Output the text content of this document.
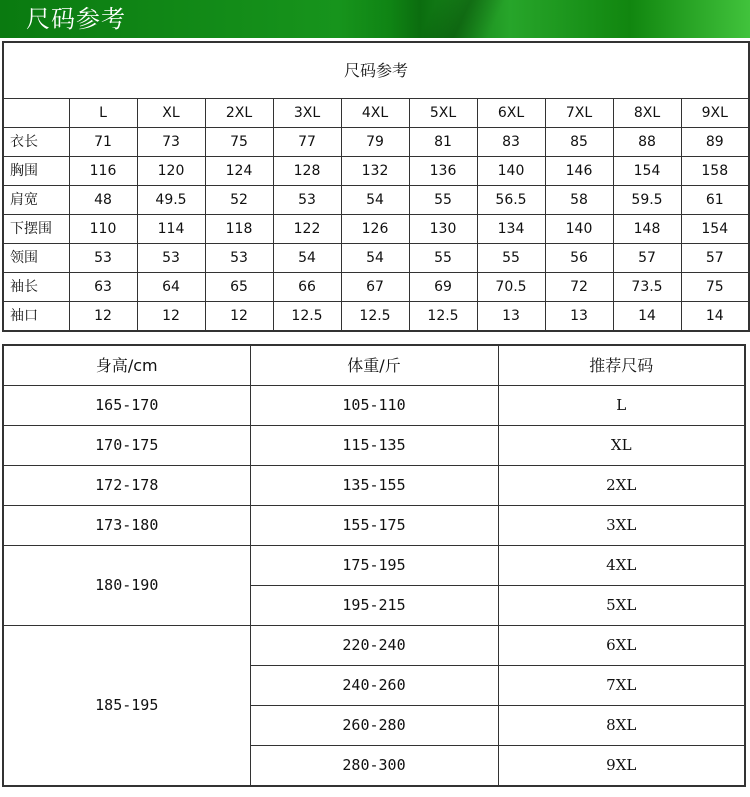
尺码参考
尺码参考										
	L	XL	2XL	3XL	4XL	5XL	6XL	7XL	8XL	9XL
衣长	71	73	75	77	79	81	83	85	88	89
胸围	116	120	124	128	132	136	140	146	154	158
肩宽	48	49.5	52	53	54	55	56.5	58	59.5	61
下摆围	110	114	118	122	126	130	134	140	148	154
领围	53	53	53	54	54	55	55	56	57	57
袖长	63	64	65	66	67	69	70.5	72	73.5	75
袖口	12	12	12	12.5	12.5	12.5	13	13	14	14
身高/cm	体重/斤	推荐尺码
165-170	105-110	L
170-175	115-135	XL
172-178	135-155	2XL
173-180	155-175	3XL
180-190	175-195	4XL
	195-215	5XL
185-195	220-240	6XL
	240-260	7XL
	260-280	8XL
	280-300	9XL
